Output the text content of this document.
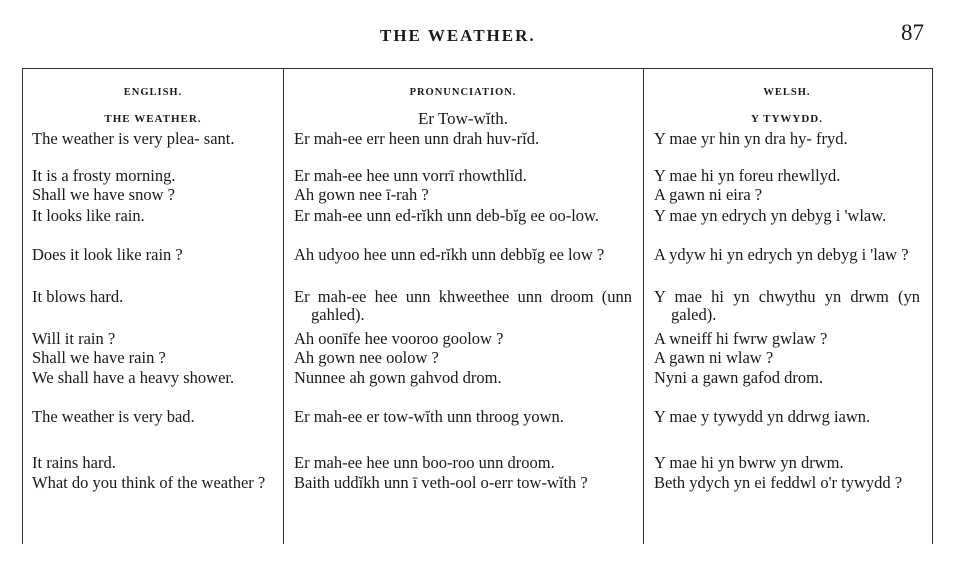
THE WEATHER.	87
ENGLISH.
THE WEATHER.
The weather is very plea- sant.
It is a frosty morning.
Shall we have snow ?
It looks like rain.
Does it look like rain ?
It blows hard.
Will it rain ?
Shall we have rain ?
We shall have a heavy shower.
The weather is very bad.
It rains hard.
What do you think of the weather ?
PRONUNCIATION.
Er Tow-wĭth.
Er mah-ee err heen unn drah huv-rĭd.
Er mah-ee hee unn vorrī rhowthlĭd.
Ah gown nee ī-rah ?
Er mah-ee unn ed-rĭkh unn deb-bĭg ee oo-low.
Ah udyoo hee unn ed-rĭkh unn debbĭg ee low ?
Er mah-ee hee unn khweethee unn droom (unn gahled).
Ah oonīfe hee vooroo goolow ?
Ah gown nee oolow ?
Nunnee ah gown gahvod drom.
Er mah-ee er tow-wĭth unn throog yown.
Er mah-ee hee unn boo-roo unn droom.
Baith uddĭkh unn ī veth-ool o-err tow-wĭth ?
WELSH.
Y TYWYDD.
Y mae yr hin yn dra hy- fryd.
Y mae hi yn foreu rhewllyd.
A gawn ni eira ?
Y mae yn edrych yn debyg i 'wlaw.
A ydyw hi yn edrych yn debyg i 'law ?
Y mae hi yn chwythu yn drwm (yn galed).
A wneiff hi fwrw gwlaw ?
A gawn ni wlaw ?
Nyni a gawn gafod drom.
Y mae y tywydd yn ddrwg iawn.
Y mae hi yn bwrw yn drwm.
Beth ydych yn ei feddwl o'r tywydd ?
